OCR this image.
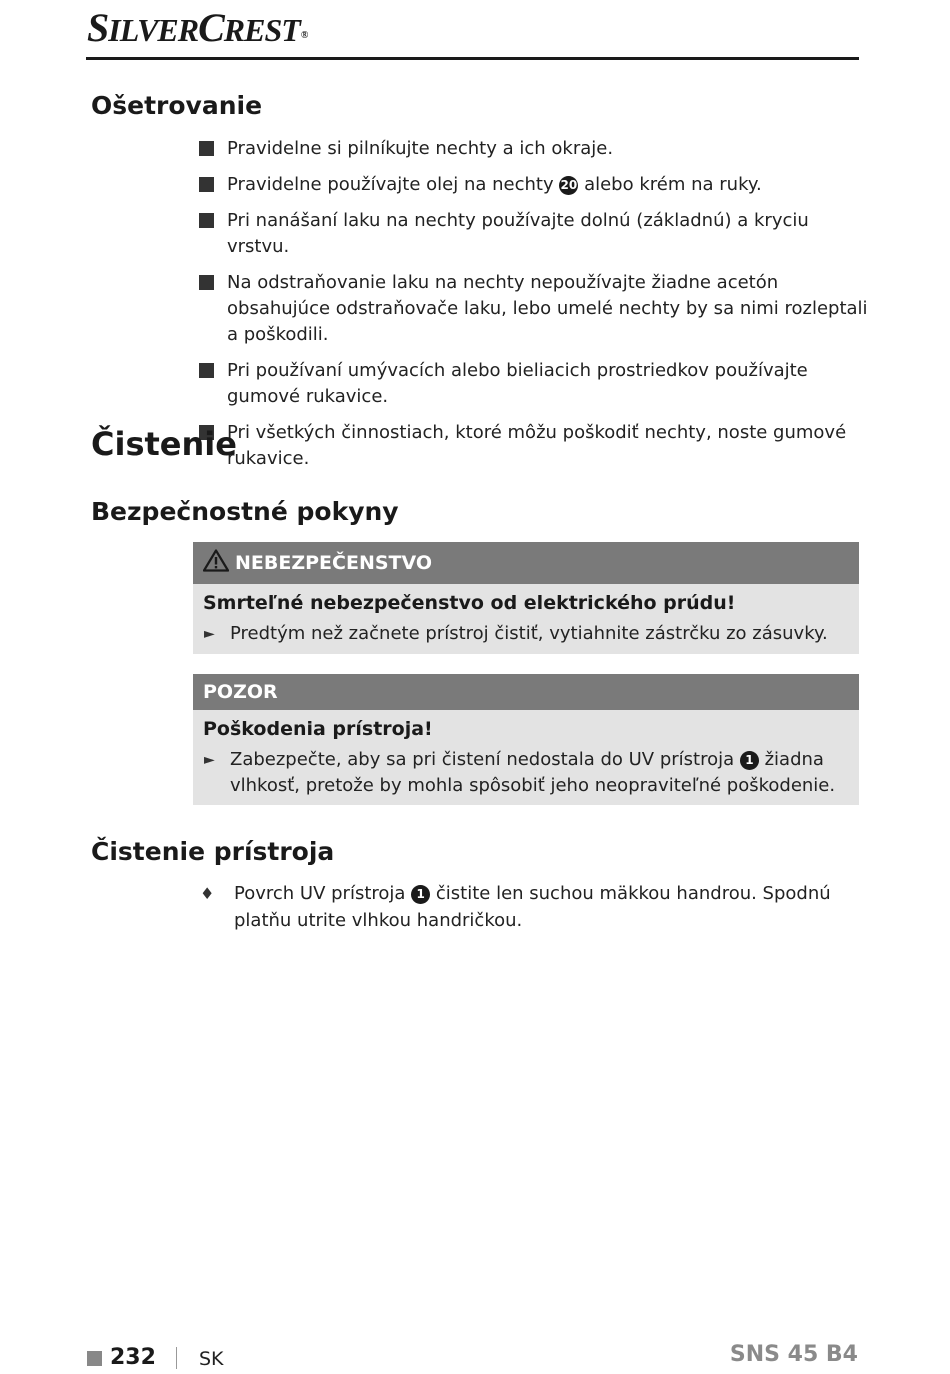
SILVERCREST®
Ošetrovanie
Pravidelne si pilníkujte nechty a ich okraje.
Pravidelne používajte olej na nechty 20 alebo krém na ruky.
Pri nanášaní laku na nechty používajte dolnú (základnú) a kryciu vrstvu.
Na odstraňovanie laku na nechty nepoužívajte žiadne acetón obsahujúce odstraňovače laku, lebo umelé nechty by sa nimi rozleptali a poškodili.
Pri používaní umývacích alebo bieliacich prostriedkov používajte gumové rukavice.
Pri všetkých činnostiach, ktoré môžu poškodiť nechty, noste gumové rukavice.
Čistenie
Bezpečnostné pokyny
NEBEZPEČENSTVO
Smrteľné nebezpečenstvo od elektrického prúdu!
► Predtým než začnete prístroj čistiť, vytiahnite zástrčku zo zásuvky.
POZOR
Poškodenia prístroja!
► Zabezpečte, aby sa pri čistení nedostala do UV prístroja 1 žiadna vlhkosť, pretože by mohla spôsobiť jeho neopraviteľné poškodenie.
Čistenie prístroja
♦ Povrch UV prístroja 1 čistite len suchou mäkkou handrou. Spodnú platňu utrite vlhkou handričkou.
232 SK	SNS 45 B4
